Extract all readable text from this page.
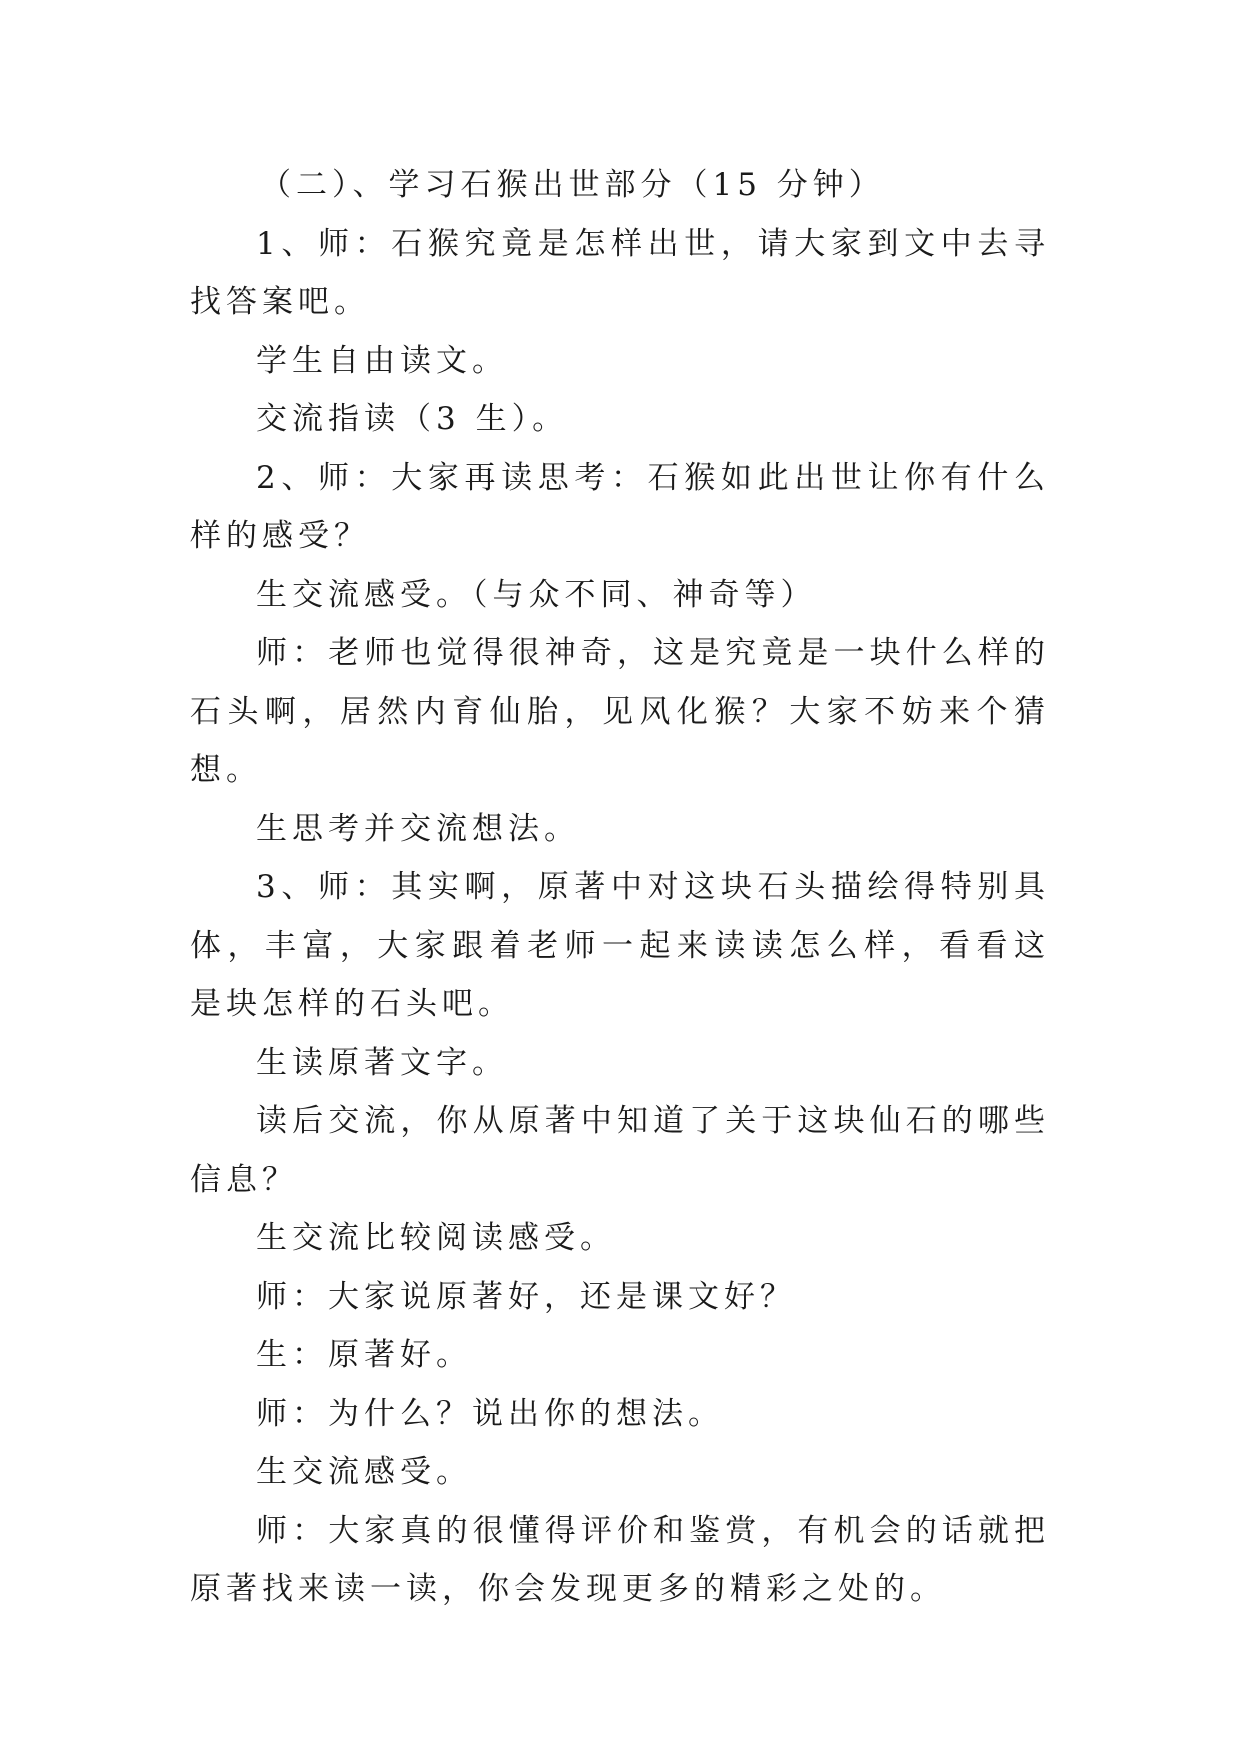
（二）、学习石猴出世部分（15 分钟）

1、师：石猴究竟是怎样出世，请大家到文中去寻找答案吧。

学生自由读文。

交流指读（3 生）。

2、师：大家再读思考：石猴如此出世让你有什么样的感受？

生交流感受。（与众不同、神奇等）

师：老师也觉得很神奇，这是究竟是一块什么样的石头啊，居然内育仙胎，见风化猴？大家不妨来个猜想。

生思考并交流想法。

3、师：其实啊，原著中对这块石头描绘得特别具体，丰富，大家跟着老师一起来读读怎么样，看看这是块怎样的石头吧。

生读原著文字。

读后交流，你从原著中知道了关于这块仙石的哪些信息？

生交流比较阅读感受。

师：大家说原著好，还是课文好？

生：原著好。

师：为什么？说出你的想法。

生交流感受。

师：大家真的很懂得评价和鉴赏，有机会的话就把原著找来读一读，你会发现更多的精彩之处的。
